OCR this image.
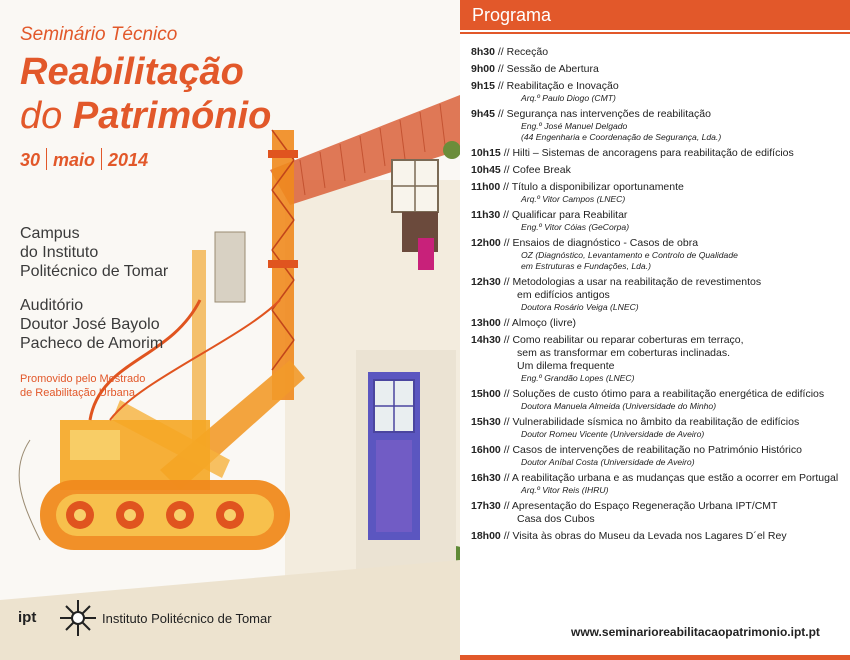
Seminário Técnico
Reabilitação
do Património
30 maio 2014
Campus
do Instituto
Politécnico de Tomar
Auditório
Doutor José Bayolo
Pacheco de Amorim
Promovido pelo Mestrado
de Reabilitação Urbana
ipt	Instituto Politécnico de Tomar
Programa
8h30 // Receção
9h00 // Sessão de Abertura
9h15 // Reabilitação e Inovação
Arq.º Paulo Diogo (CMT)
9h45 // Segurança nas intervenções de reabilitação
Eng.º José Manuel Delgado
(44 Engenharia e Coordenação de Segurança, Lda.)
10h15 // Hilti – Sistemas de ancoragens para reabilitação de edifícios
10h45 // Cofee Break
11h00 // Título a disponibilizar oportunamente
Arq.º Vitor Campos (LNEC)
11h30 // Qualificar para Reabilitar
Eng.º Vitor Cóias (GeCorpa)
12h00 // Ensaios de diagnóstico - Casos de obra
OZ (Diagnóstico, Levantamento e Controlo de Qualidade
em Estruturas e Fundações, Lda.)
12h30 // Metodologias a usar na reabilitação de revestimentos
em edifícios antigos
Doutora Rosário Veiga (LNEC)
13h00 // Almoço (livre)
14h30 // Como reabilitar ou reparar coberturas em terraço,
sem as transformar em coberturas inclinadas.
Um dilema frequente
Eng.º Grandão Lopes (LNEC)
15h00 // Soluções de custo ótimo para a reabilitação energética de edifícios
Doutora Manuela Almeida (Universidade do Minho)
15h30 // Vulnerabilidade sísmica no âmbito da reabilitação de edifícios
Doutor Romeu Vicente (Universidade de Aveiro)
16h00 // Casos de intervenções de reabilitação no Património Histórico
Doutor Aníbal Costa (Universidade de Aveiro)
16h30 // A reabilitação urbana e as mudanças que estão a ocorrer em Portugal
Arq.º Vitor Reis (IHRU)
17h30 // Apresentação do Espaço Regeneração Urbana IPT/CMT
Casa dos Cubos
18h00 // Visita às obras do Museu da Levada nos Lagares D´el Rey
www.seminarioreabilitacaopatrimonio.ipt.pt
